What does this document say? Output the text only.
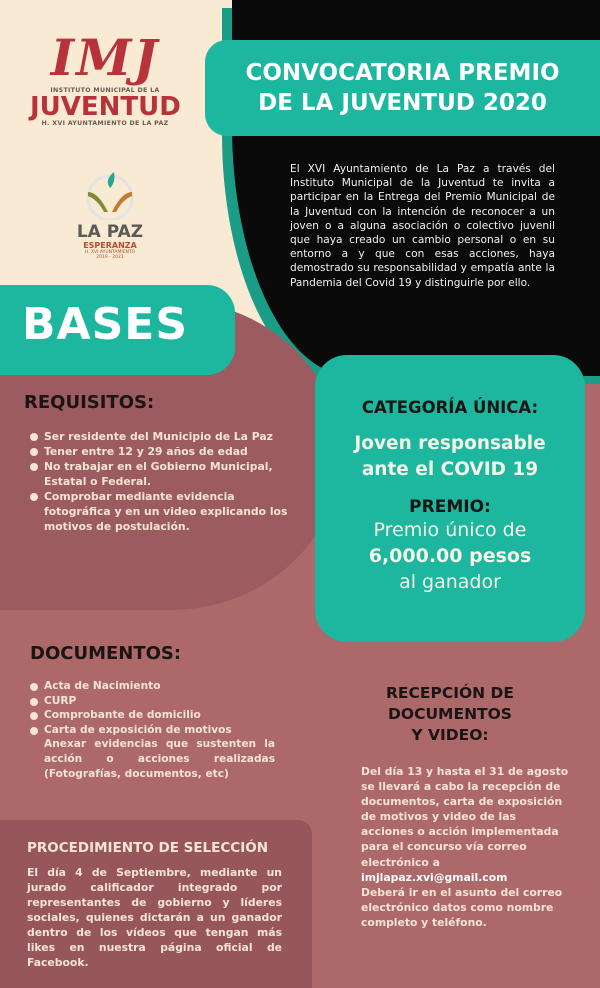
IMJ
INSTITUTO MUNICIPAL DE LA
JUVENTUD
H. XVI AYUNTAMIENTO DE LA PAZ
LA PAZ
ESPERANZA
H. XVI AYUNTAMIENTO
2019 - 2021
CONVOCATORIA PREMIO
DE LA JUVENTUD 2020
El XVI Ayuntamiento de La Paz a través del Instituto Municipal de la Juventud te invita a participar en la Entrega del Premio Municipal de la Juventud con la intención de reconocer a un joven o a alguna asociación o colectivo juvenil que haya creado un cambio personal o en su entorno a y que con esas acciones, haya demostrado su responsabilidad y empatía ante la Pandemia del Covid 19 y distinguirle por ello.
BASES
REQUISITOS:
Ser residente del Municipio de La Paz
Tener entre 12 y 29 años de edad
No trabajar en el Gobierno Municipal, Estatal o Federal.
Comprobar mediante evidencia fotográfica y en un video explicando los motivos de postulación.
CATEGORÍA ÚNICA:
Joven responsable
ante el COVID 19
PREMIO:
Premio único de
6,000.00 pesos
al ganador
DOCUMENTOS:
Acta de Nacimiento
CURP
Comprobante de domicilio
Carta de exposición de motivos
Anexar evidencias que sustenten la acción o acciones realizadas (Fotografías, documentos, etc)
RECEPCIÓN DE
DOCUMENTOS
Y VIDEO:
Del día 13 y hasta el 31 de agosto se llevará a cabo la recepción de documentos, carta de exposición de motivos y video de las acciones o acción implementada para el concurso vía correo electrónico a
imjlapaz.xvi@gmail.com
Deberá ir en el asunto del correo electrónico datos como nombre completo y teléfono.
PROCEDIMIENTO DE SELECCIÓN
El día 4 de Septiembre, mediante un jurado calificador integrado por representantes de gobierno y líderes sociales, quienes dictarán a un ganador dentro de los vídeos que tengan más likes en nuestra página oficial de Facebook.
